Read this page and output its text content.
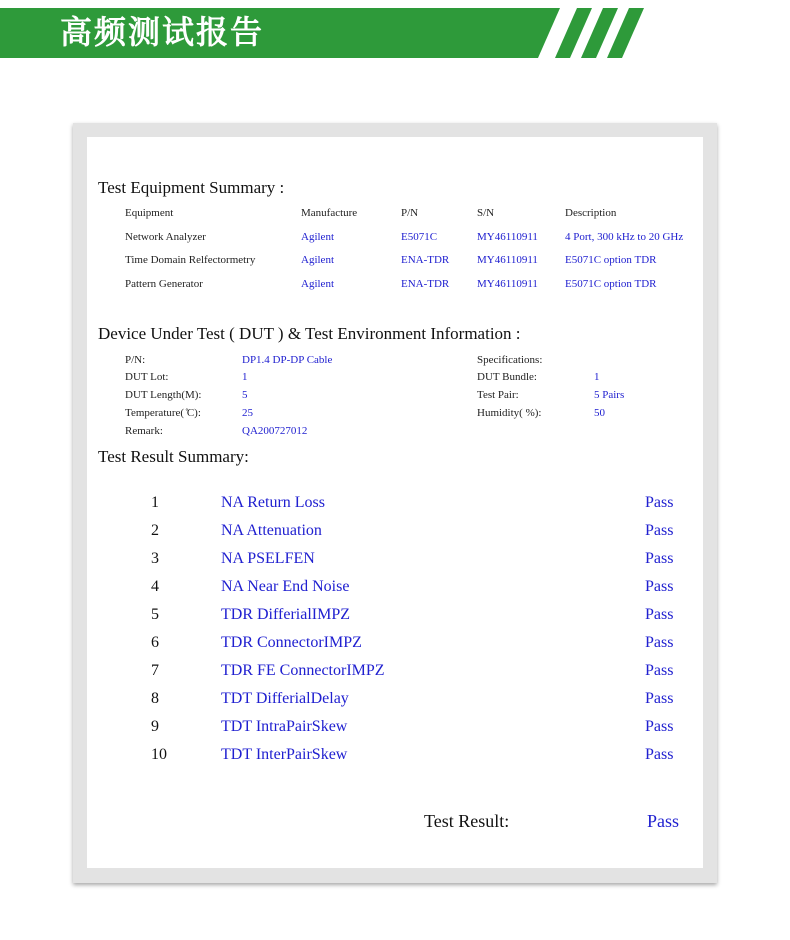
高频测试报告
Test Equipment Summary :
Equipment	Manufacture	P/N	S/N	Description
Network Analyzer	Agilent	E5071C	MY46110911 4 Port, 300 kHz to 20 GHz
Time Domain Relfectormetry	Agilent	ENA-TDR	MY46110911 E5071C option TDR
Pattern Generator	Agilent	ENA-TDR	MY46110911 E5071C option TDR
Device Under Test ( DUT ) & Test Environment Information :
P/N:	DP1.4 DP-DP Cable
DUT Lot:	1
DUT Length(M):	5
Temperature( ̊C):	25
Remark:	QA200727012
Specifications:
DUT Bundle:	1
Test Pair:	5 Pairs
Humidity( %):	50
Test Result Summary:
1	NA Return Loss	Pass
2	NA Attenuation	Pass
3	NA PSELFEN	Pass
4	NA Near End Noise	Pass
5	TDR DifferialIMPZ	Pass
6	TDR ConnectorIMPZ	Pass
7	TDR FE ConnectorIMPZ	Pass
8	TDT DifferialDelay	Pass
9	TDT IntraPairSkew	Pass
10	TDT InterPairSkew	Pass
Test Result:	Pass
